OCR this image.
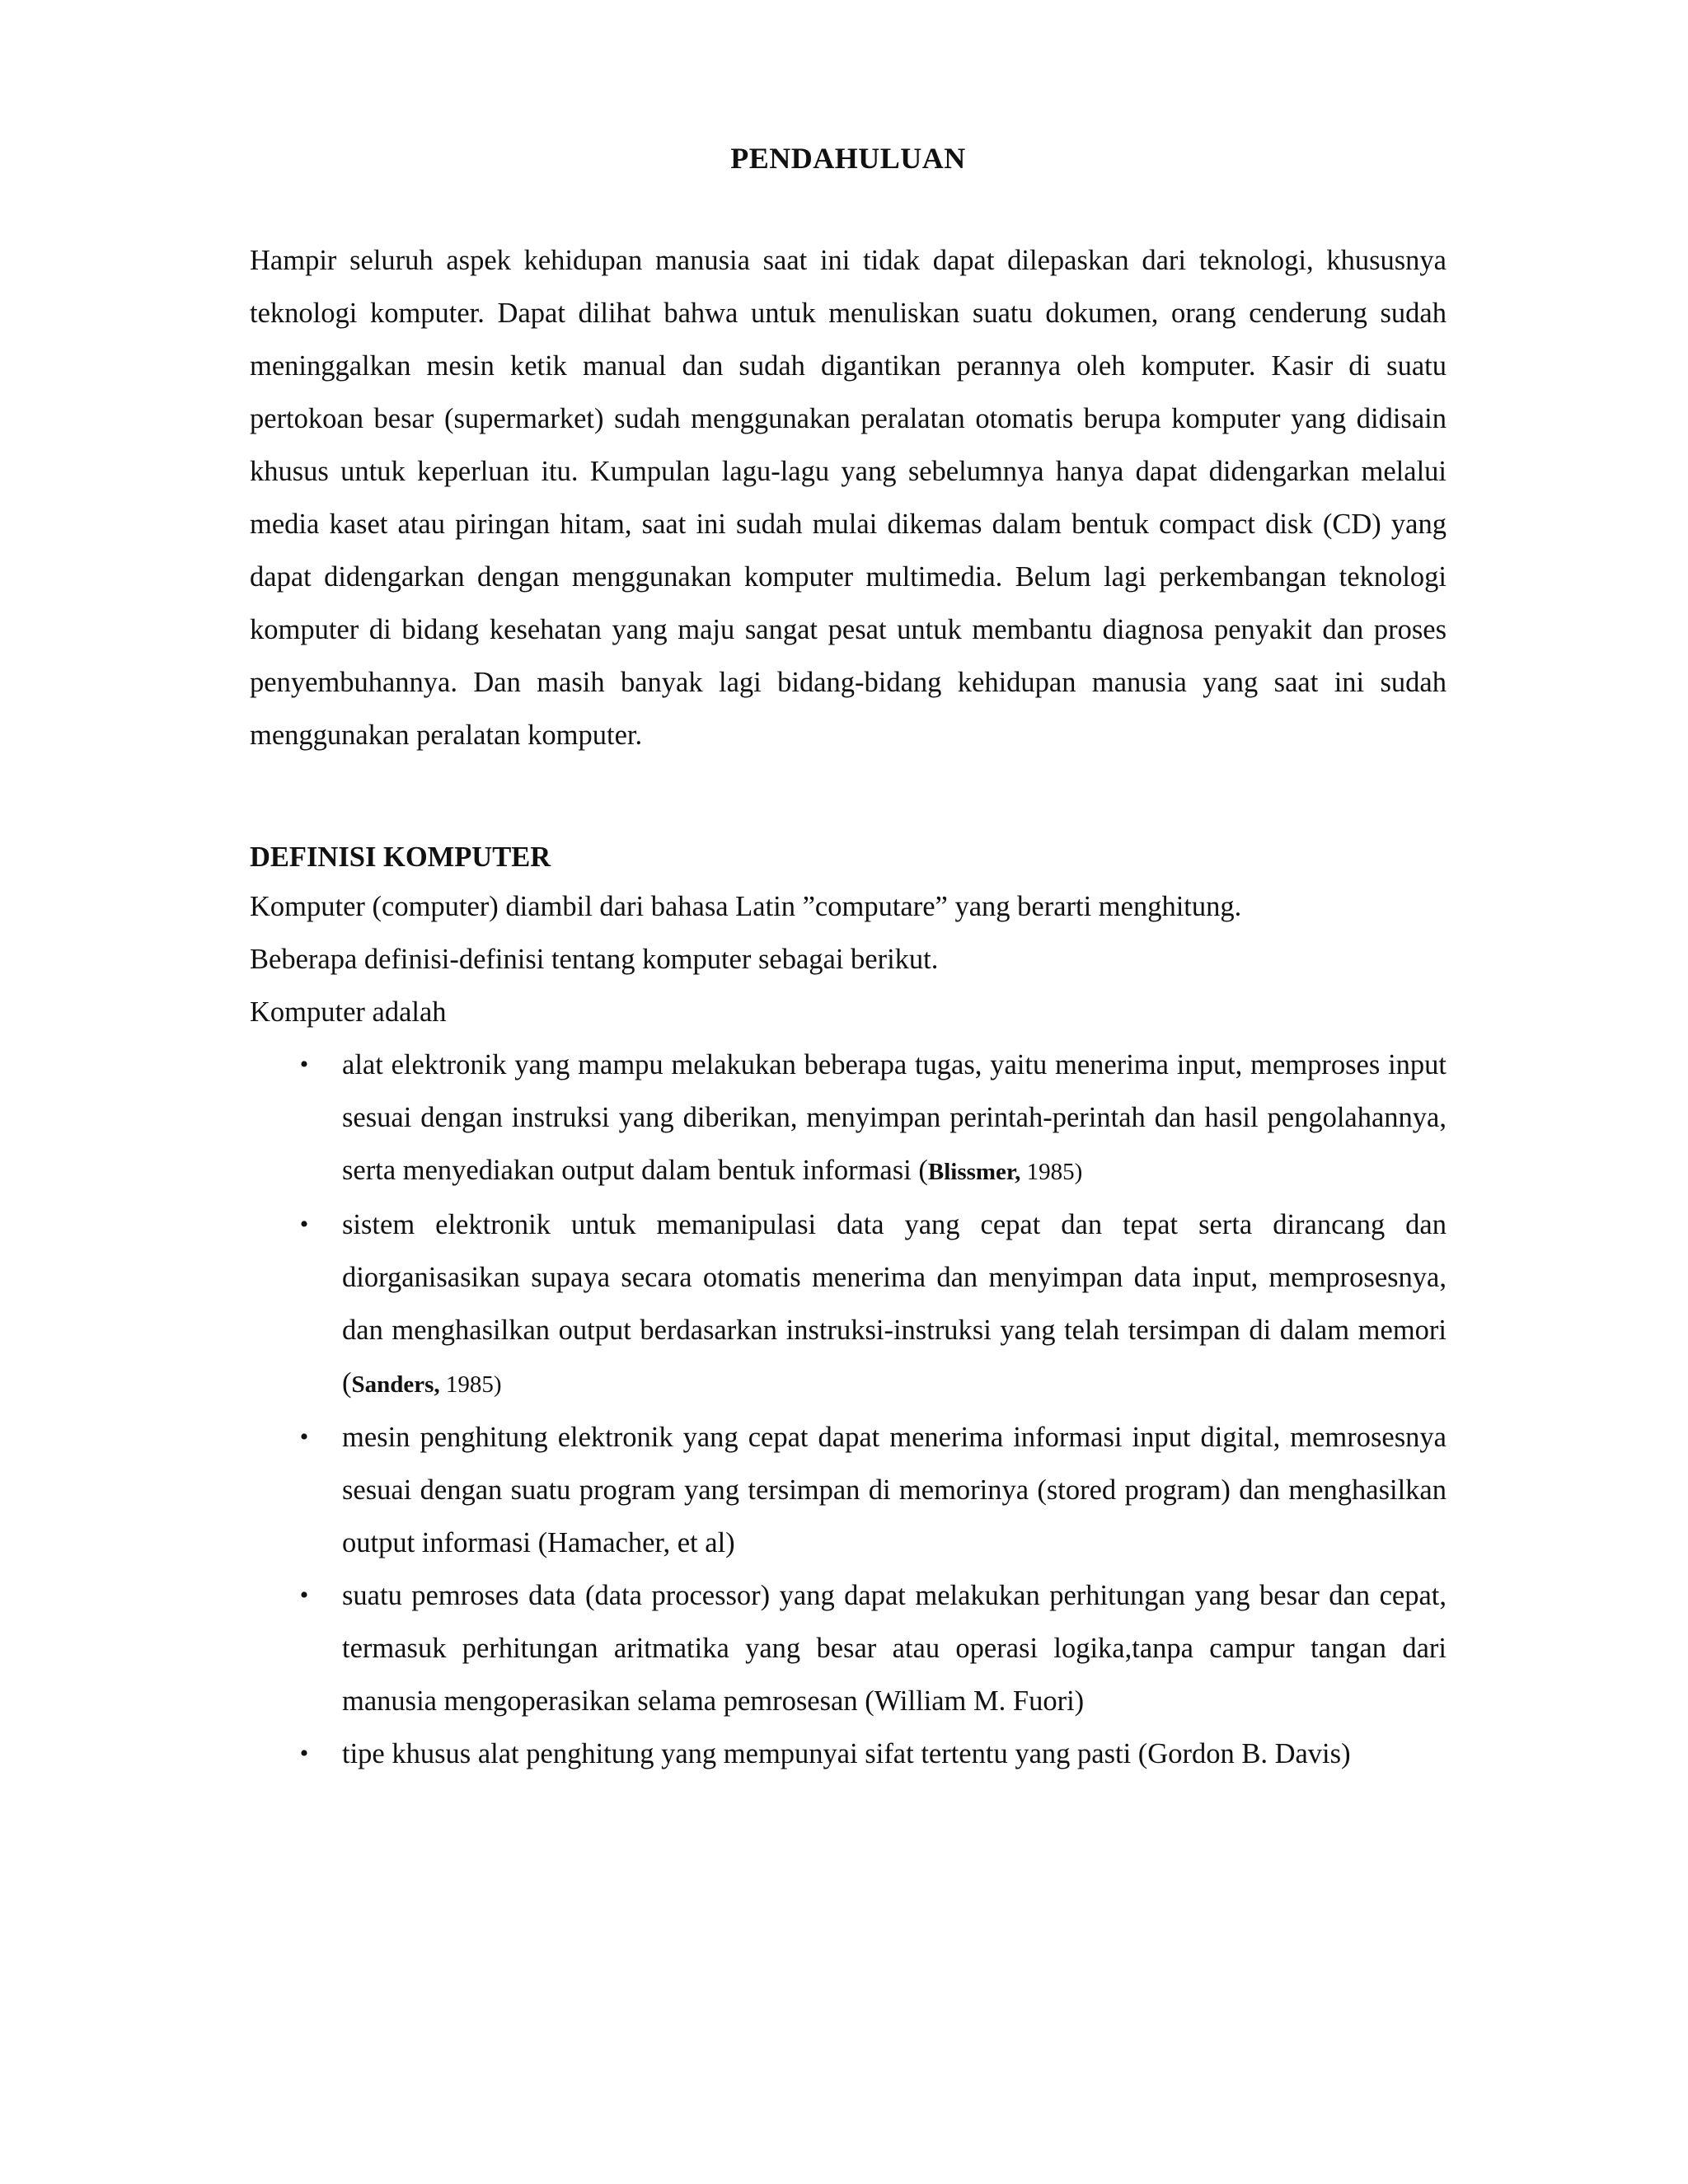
PENDAHULUAN

Hampir seluruh aspek kehidupan manusia saat ini tidak dapat dilepaskan dari teknologi, khususnya teknologi komputer. Dapat dilihat bahwa untuk menuliskan suatu dokumen, orang cenderung sudah meninggalkan mesin ketik manual dan sudah digantikan perannya oleh komputer. Kasir di suatu pertokoan besar (supermarket) sudah menggunakan peralatan otomatis berupa komputer yang didisain khusus untuk keperluan itu. Kumpulan lagu-lagu yang sebelumnya hanya dapat didengarkan melalui media kaset atau piringan hitam, saat ini sudah mulai dikemas dalam bentuk compact disk (CD) yang dapat didengarkan dengan menggunakan komputer multimedia. Belum lagi perkembangan teknologi komputer di bidang kesehatan yang maju sangat pesat untuk membantu diagnosa penyakit dan proses penyembuhannya. Dan masih banyak lagi bidang-bidang kehidupan manusia yang saat ini sudah menggunakan peralatan komputer.

DEFINISI KOMPUTER

Komputer (computer) diambil dari bahasa Latin ”computare” yang berarti menghitung.

Beberapa definisi-definisi tentang komputer sebagai berikut.

Komputer adalah

• alat elektronik yang mampu melakukan beberapa tugas, yaitu menerima input, memproses input sesuai dengan instruksi yang diberikan, menyimpan perintah-perintah dan hasil pengolahannya, serta menyediakan output dalam bentuk informasi (Blissmer, 1985)
• sistem elektronik untuk memanipulasi data yang cepat dan tepat serta dirancang dan diorganisasikan supaya secara otomatis menerima dan menyimpan data input, memprosesnya, dan menghasilkan output berdasarkan instruksi-instruksi yang telah tersimpan di dalam memori (Sanders, 1985)
• mesin penghitung elektronik yang cepat dapat menerima informasi input digital, memrosesnya sesuai dengan suatu program yang tersimpan di memorinya (stored program) dan menghasilkan output informasi (Hamacher, et al)
• suatu pemroses data (data processor) yang dapat melakukan perhitungan yang besar dan cepat, termasuk perhitungan aritmatika yang besar atau operasi logika,tanpa campur tangan dari manusia mengoperasikan selama pemrosesan (William M. Fuori)
• tipe khusus alat penghitung yang mempunyai sifat tertentu yang pasti (Gordon B. Davis)
